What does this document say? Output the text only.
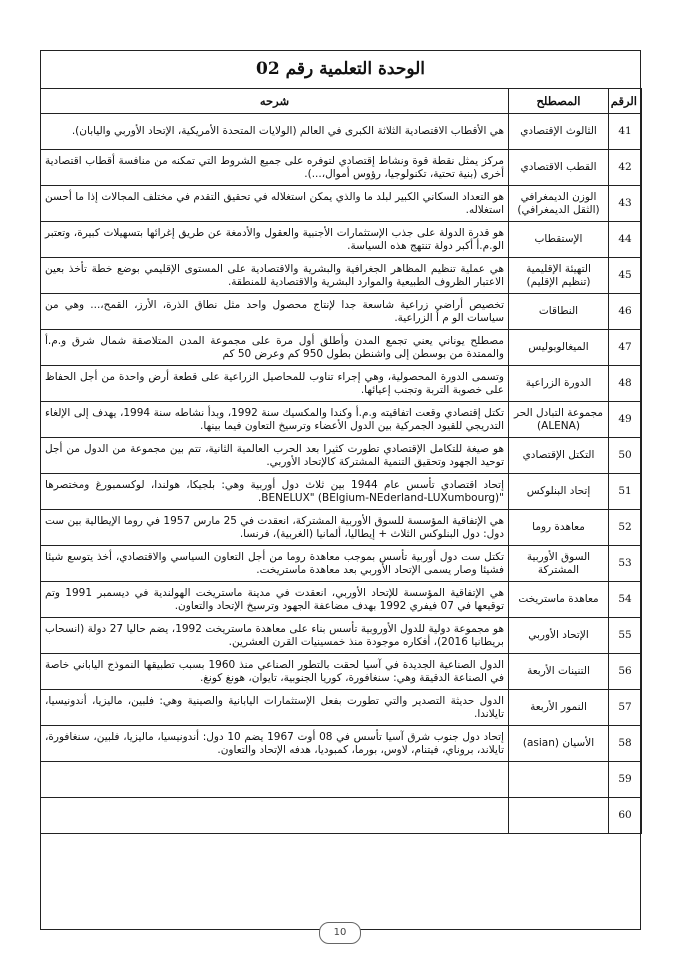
الوحدة التعلمية رقم 02
الرقم	المصطلح	شرحه
41	الثالوث الإقتصادي	هي الأقطاب الاقتصادية الثلاثة الكبرى في العالم (الولايات المتحدة الأمريكية، الإتحاد الأوربي واليابان).
42	القطب الاقتصادي	مركز يمثل نقطة قوة ونشاط إقتصادي لتوفره على جميع الشروط التي تمكنه من منافسة أقطاب اقتصادية أخرى (بنية تحتية، تكنولوجيا، رؤوس أموال،...).
43	الوزن الديمغرافي (الثقل الديمغرافي)	هو التعداد السكاني الكبير لبلد ما والذي يمكن استغلاله في تحقيق التقدم في مختلف المجالات إذا ما أحسن استغلاله.
44	الإستقطاب	هو قدرة الدولة على جذب الإستثمارات الأجنبية والعقول والأدمغة عن طريق إغرائها بتسهيلات كبيرة، وتعتبر الو.م.أ أكبر دولة تنتهج هذه السياسة.
45	التهيئة الإقليمية (تنظيم الإقليم)	هي عملية تنظيم المظاهر الجغرافية والبشرية والاقتصادية على المستوى الإقليمي بوضع خطة تأخذ بعين الاعتبار الظروف الطبيعية والموارد البشرية والاقتصادية للمنطقة.
46	النطاقات	تخصيص أراضي زراعية شاسعة جدا لإنتاج محصول واحد مثل نطاق الذرة، الأرز، القمح،... وهي من سياسات الو م أ الزراعية.
47	الميغالوبوليس	مصطلح يوناني يعني تجمع المدن وأطلق أول مرة على مجموعة المدن المتلاصقة شمال شرق و.م.أ والممتدة من بوسطن إلى واشنطن بطول 950 كم وعرض 50 كم
48	الدورة الزراعية	وتسمى الدورة المحصولية، وهي إجراء تناوب للمحاصيل الزراعية على قطعة أرض واحدة من أجل الحفاظ على خصوبة التربة وتجنب إعيائها.
49	مجموعة التبادل الحر (ALENA)	تكتل إقتصادي وقعت اتفاقيته و.م.أ وكندا والمكسيك سنة 1992، وبدأ نشاطه سنة 1994، يهدف إلى الإلغاء التدريجي للقيود الجمركية بين الدول الأعضاء وترسيخ التعاون فيما بينها.
50	التكتل الإقتصادي	هو صيغة للتكامل الإقتصادي تطورت كثيرا بعد الحرب العالمية الثانية، تتم بين مجموعة من الدول من أجل توحيد الجهود وتحقيق التنمية المشتركة كالإتحاد الأوربي.
51	إتحاد البنلوكس	إتحاد اقتصادي تأسس عام 1944 بين ثلاث دول أوربية وهي: بلجيكا، هولندا، لوكسمبورغ ومختصرها "BENELUX" (BElgium-NEderland-LUXumbourg).
52	معاهدة روما	هي الإتفاقية المؤسسة للسوق الأوربية المشتركة، انعقدت في 25 مارس 1957 في روما الإيطالية بين ست دول: دول البنلوكس الثلاث + إيطاليا، ألمانيا (الغربية)، فرنسا.
53	السوق الأوربية المشتركة	تكتل ست دول أوربية تأسس بموجب معاهدة روما من أجل التعاون السياسي والاقتصادي، أخذ يتوسع شيئا فشيئا وصار يسمى الإتحاد الأوربي بعد معاهدة ماستريخت.
54	معاهدة ماستريخت	هي الإتفاقية المؤسسة للإتحاد الأوربي، انعقدت في مدينة ماستريخت الهولندية في ديسمبر 1991 وتم توقيعها في 07 فيفري 1992 بهدف مضاعفة الجهود وترسيخ الإتحاد والتعاون.
55	الإتحاد الأوربي	هو مجموعة دولية للدول الأوروبية تأسس بناء على معاهدة ماستريخت 1992، يضم حاليا 27 دولة (انسحاب بريطانيا 2016)، أفكاره موجودة منذ خمسينيات القرن العشرين.
56	التنينات الأربعة	الدول الصناعية الجديدة في آسيا لحقت بالتطور الصناعي منذ 1960 بسبب تطبيقها النموذج الياباني خاصة في الصناعة الدقيقة وهي: سنغافورة، كوريا الجنوبية، تايوان، هونغ كونغ.
57	النمور الأربعة	الدول حديثة التصدير والتي تطورت بفعل الإستثمارات اليابانية والصينية وهي: فلبين، ماليزيا، أندونيسيا، تايلاندا.
58	الأسيان (asian)	إتحاد دول جنوب شرق آسيا تأسس في 08 أوت 1967 يضم 10 دول: أندونيسيا، ماليزيا، فلبين، سنغافورة، تايلاند، بروناي، فيتنام، لاوس، بورما، كمبوديا، هدفه الإتحاد والتعاون.
59		
60		
10
